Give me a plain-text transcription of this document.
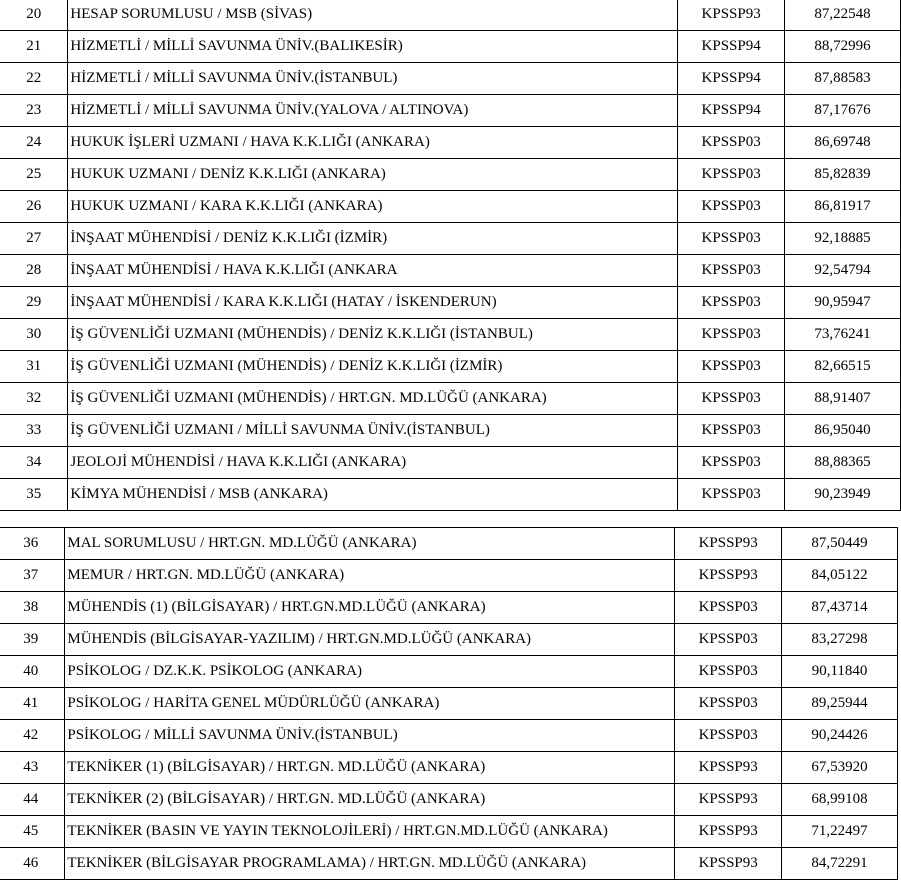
20	HESAP SORUMLUSU / MSB (SİVAS)	KPSSP93	87,22548
21	HİZMETLİ / MİLLİ SAVUNMA ÜNİV.(BALIKESİR)	KPSSP94	88,72996
22	HİZMETLİ / MİLLİ SAVUNMA ÜNİV.(İSTANBUL)	KPSSP94	87,88583
23	HİZMETLİ / MİLLİ SAVUNMA ÜNİV.(YALOVA / ALTINOVA)	KPSSP94	87,17676
24	HUKUK İŞLERİ UZMANI / HAVA K.K.LIĞI (ANKARA)	KPSSP03	86,69748
25	HUKUK UZMANI / DENİZ K.K.LIĞI (ANKARA)	KPSSP03	85,82839
26	HUKUK UZMANI / KARA K.K.LIĞI (ANKARA)	KPSSP03	86,81917
27	İNŞAAT MÜHENDİSİ / DENİZ K.K.LIĞI (İZMİR)	KPSSP03	92,18885
28	İNŞAAT MÜHENDİSİ / HAVA K.K.LIĞI (ANKARA	KPSSP03	92,54794
29	İNŞAAT MÜHENDİSİ / KARA K.K.LIĞI (HATAY / İSKENDERUN)	KPSSP03	90,95947
30	İŞ GÜVENLİĞİ UZMANI (MÜHENDİS) / DENİZ K.K.LIĞI (İSTANBUL)	KPSSP03	73,76241
31	İŞ GÜVENLİĞİ UZMANI (MÜHENDİS) / DENİZ K.K.LIĞI (İZMİR)	KPSSP03	82,66515
32	İŞ GÜVENLİĞİ UZMANI (MÜHENDİS) / HRT.GN. MD.LÜĞÜ (ANKARA)	KPSSP03	88,91407
33	İŞ GÜVENLİĞİ UZMANI / MİLLİ SAVUNMA ÜNİV.(İSTANBUL)	KPSSP03	86,95040
34	JEOLOJİ MÜHENDİSİ / HAVA K.K.LIĞI (ANKARA)	KPSSP03	88,88365
35	KİMYA MÜHENDİSİ / MSB (ANKARA)	KPSSP03	90,23949
36	MAL SORUMLUSU / HRT.GN. MD.LÜĞÜ (ANKARA)	KPSSP93	87,50449
37	MEMUR / HRT.GN. MD.LÜĞÜ (ANKARA)	KPSSP93	84,05122
38	MÜHENDİS (1) (BİLGİSAYAR) / HRT.GN.MD.LÜĞÜ (ANKARA)	KPSSP03	87,43714
39	MÜHENDİS (BİLGİSAYAR-YAZILIM) / HRT.GN.MD.LÜĞÜ (ANKARA)	KPSSP03	83,27298
40	PSİKOLOG / DZ.K.K. PSİKOLOG (ANKARA)	KPSSP03	90,11840
41	PSİKOLOG / HARİTA GENEL MÜDÜRLÜĞÜ (ANKARA)	KPSSP03	89,25944
42	PSİKOLOG / MİLLİ SAVUNMA ÜNİV.(İSTANBUL)	KPSSP03	90,24426
43	TEKNİKER (1) (BİLGİSAYAR) / HRT.GN. MD.LÜĞÜ (ANKARA)	KPSSP93	67,53920
44	TEKNİKER (2) (BİLGİSAYAR) / HRT.GN. MD.LÜĞÜ (ANKARA)	KPSSP93	68,99108
45	TEKNİKER (BASIN VE YAYIN TEKNOLOJİLERİ) / HRT.GN.MD.LÜĞÜ (ANKARA)	KPSSP93	71,22497
46	TEKNİKER (BİLGİSAYAR PROGRAMLAMA) / HRT.GN. MD.LÜĞÜ (ANKARA)	KPSSP93	84,72291
